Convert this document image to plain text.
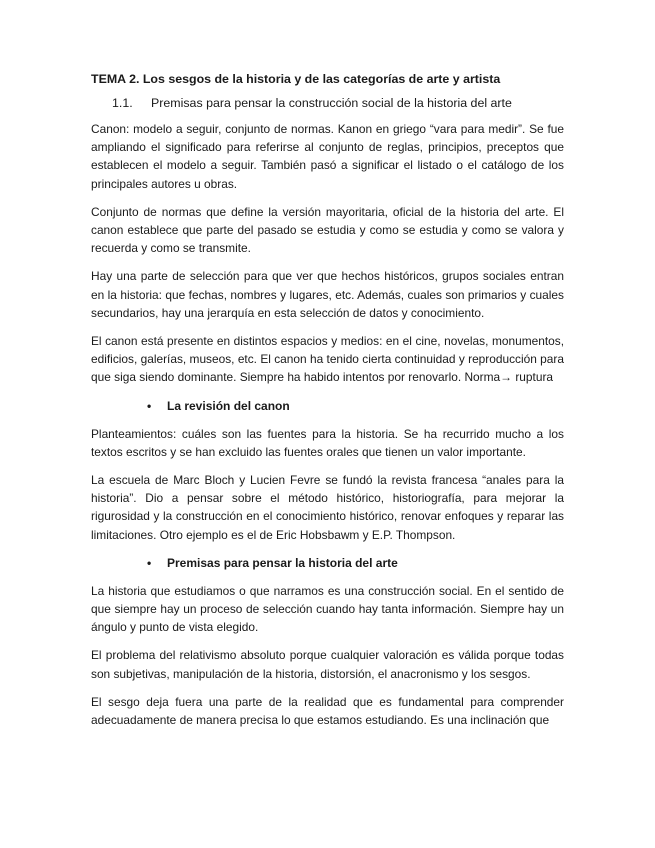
TEMA 2. Los sesgos de la historia y de las categorías de arte y artista
1.1. Premisas para pensar la construcción social de la historia del arte

Canon: modelo a seguir, conjunto de normas. Kanon en griego “vara para medir”. Se fue ampliando el significado para referirse al conjunto de reglas, principios, preceptos que establecen el modelo a seguir. También pasó a significar el listado o el catálogo de los principales autores u obras.

Conjunto de normas que define la versión mayoritaria, oficial de la historia del arte. El canon establece que parte del pasado se estudia y como se estudia y como se valora y recuerda y como se transmite.

Hay una parte de selección para que ver que hechos históricos, grupos sociales entran en la historia: que fechas, nombres y lugares, etc. Además, cuales son primarios y cuales secundarios, hay una jerarquía en esta selección de datos y conocimiento.

El canon está presente en distintos espacios y medios: en el cine, novelas, monumentos, edificios, galerías, museos, etc. El canon ha tenido cierta continuidad y reproducción para que siga siendo dominante. Siempre ha habido intentos por renovarlo. Norma→ ruptura

• La revisión del canon

Planteamientos: cuáles son las fuentes para la historia. Se ha recurrido mucho a los textos escritos y se han excluido las fuentes orales que tienen un valor importante.

La escuela de Marc Bloch y Lucien Fevre se fundó la revista francesa “anales para la historia”. Dio a pensar sobre el método histórico, historiografía, para mejorar la rigurosidad y la construcción en el conocimiento histórico, renovar enfoques y reparar las limitaciones. Otro ejemplo es el de Eric Hobsbawm y E.P. Thompson.

• Premisas para pensar la historia del arte

La historia que estudiamos o que narramos es una construcción social. En el sentido de que siempre hay un proceso de selección cuando hay tanta información. Siempre hay un ángulo y punto de vista elegido.

El problema del relativismo absoluto porque cualquier valoración es válida porque todas son subjetivas, manipulación de la historia, distorsión, el anacronismo y los sesgos.

El sesgo deja fuera una parte de la realidad que es fundamental para comprender adecuadamente de manera precisa lo que estamos estudiando. Es una inclinación que
